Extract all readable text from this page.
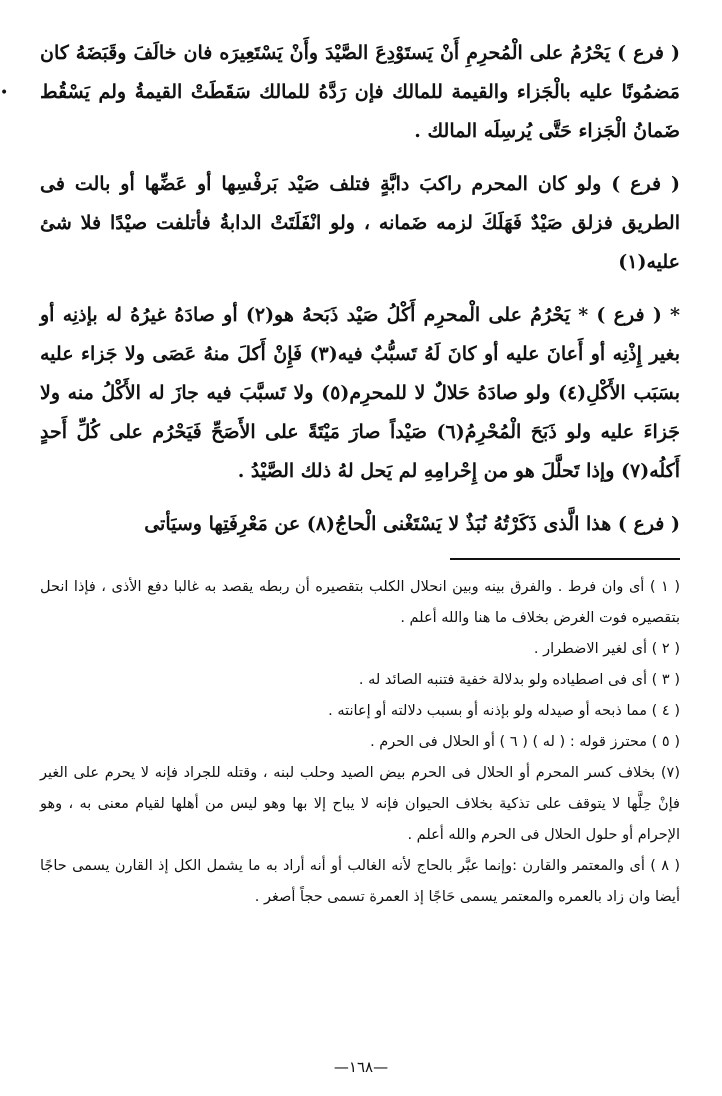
( فرع ) يَحْرُمُ على الْمُحرِمِ أَنْ يَستَوْدِعَ الصَّيْدَ وأَنْ يَسْتَعِيرَه فان خالَفَ وقَبَضَهُ كان مَضمُونًا عليه بالْجَزاء والقيمة للمالك فإن رَدَّهُ للمالك سَقَطَتْ القيمةُ ولم يَسْقُط ضَمانُ الْجَزاء حَتَّى يُرسِلَه المالك .

( فرع ) ولو كان المحرم راكبَ دابَّةٍ فتلف صَيْد بَرفْسِها أو عَضِّها أو بالت فى الطريق فزلق صَيْدٌ فَهَلَكَ لزمه ضَمانه ، ولو انْفَلَتَتْ الدابةُ فأتلفت صيْدًا فلا شئ عليه(١)

* ( فرع ) * يَحْرُمُ على الْمحرِم أَكْلُ صَيْد ذَبَحهُ هو(٢) أو صادَهُ غيرُهُ له بإذنِه أو بغير إِذْنِه أو أَعانَ عليه أو كانَ لَهُ تَسبُّبٌ فيه(٣) فَإِنْ أَكلَ منهُ عَصَى ولا جَزاء عليه بسَبَب الأَكْلِ(٤) ولو صادَهُ حَلالٌ لا للمحرِم(٥) ولا تَسبَّبَ فيه جازَ له الأَكْلُ منه ولا جَزاءَ عليه ولو ذَبَحَ الْمُحْرِمُ(٦) صَيْداً صارَ مَيْتَةً على الأَصَحِّ فَيَحْرُم على كُلِّ أَحدٍ أَكلُه(٧) وإذا تَحلَّلَ هو من إِحْرامِهِ لم يَحل لهُ ذلك الصَّيْدُ .

( فرع ) هذا الَّذى ذَكَرْتُهُ نُبَذٌ لا يَسْتَغْنى الْحاجُ(٨) عن مَعْرِفَتِها وسيَأتى

( ١ ) أى وان فرط . والفرق بينه وبين انحلال الكلب بتقصيره أن ربطه يقصد به غالبا دفع الأذى ، فإذا انحل بتقصيره فوت الغرض بخلاف ما هنا والله أعلم .

( ٢ ) أى لغير الاضطرار .

( ٣ ) أى فى اصطياده ولو بدلالة خفية فتنبه الصائد له .

( ٤ ) مما ذبحه أو صيدله ولو بإذنه أو بسبب دلالته أو إعانته .

( ٥ ) محترز قوله : ( له ) ( ٦ ) أو الحلال فى الحرم .

(٧) بخلاف كسر المحرم أو الحلال فى الحرم بيض الصيد وحلب لبنه ، وقتله للجراد فإنه لا يحرم على الغير فإنْ حِلَّها لا يتوقف على تذكية بخلاف الحيوان فإنه لا يباح إلا بها وهو ليس من أهلها لقيام معنى به ، وهو الإحرام أو حلول الحلال فى الحرم والله أعلم .

( ٨ ) أى والمعتمر والقارن :وإنما عبَّر بالحاج لأنه الغالب أو أنه أراد به ما يشمل الكل إذ القارن يسمى حاجًا أيضا وان زاد بالعمره والمعتمر يسمى حَاجًا إذ العمرة تسمى حجاً أصغر .

—١٦٨—
•
